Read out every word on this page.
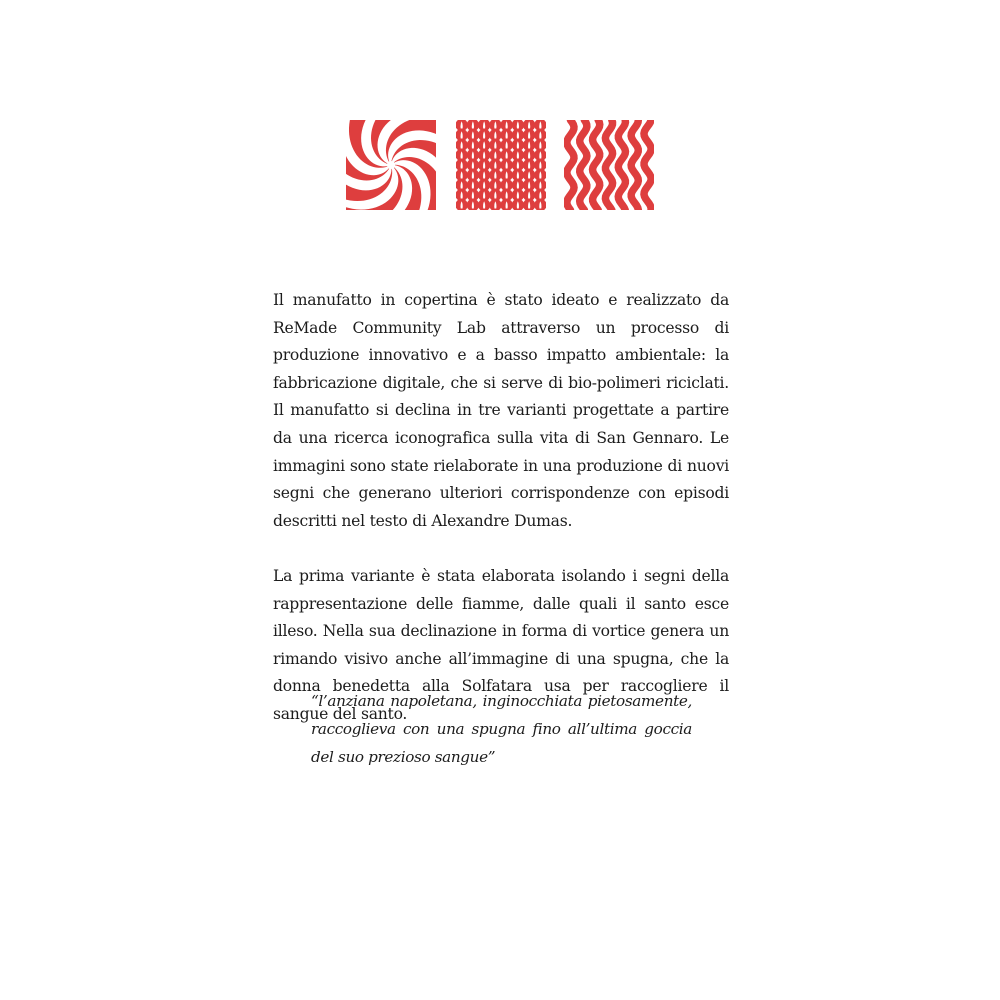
Il manufatto in copertina è stato ideato e realizzato da ReMade Community Lab attraverso un processo di produzione innovativo e a basso impatto ambientale: la fabbricazione digitale, che si serve di bio-polimeri riciclati. Il manufatto si declina in tre varianti progettate a partire da una ricerca iconografica sulla vita di San Gennaro. Le immagini sono state rielaborate in una produzione di nuovi segni che generano ulteriori corrispondenze con episodi descritti nel testo di Alexandre Dumas.

La prima variante è stata elaborata isolando i segni della rappresentazione delle fiamme, dalle quali il santo esce illeso. Nella sua declinazione in forma di vortice genera un rimando visivo anche all’immagine di una spugna, che la donna benedetta alla Solfatara usa per raccogliere il sangue del santo.

“l’anziana napoletana, inginocchiata pietosamente, raccoglieva con una spugna fino all’ultima goccia del suo prezioso sangue”
